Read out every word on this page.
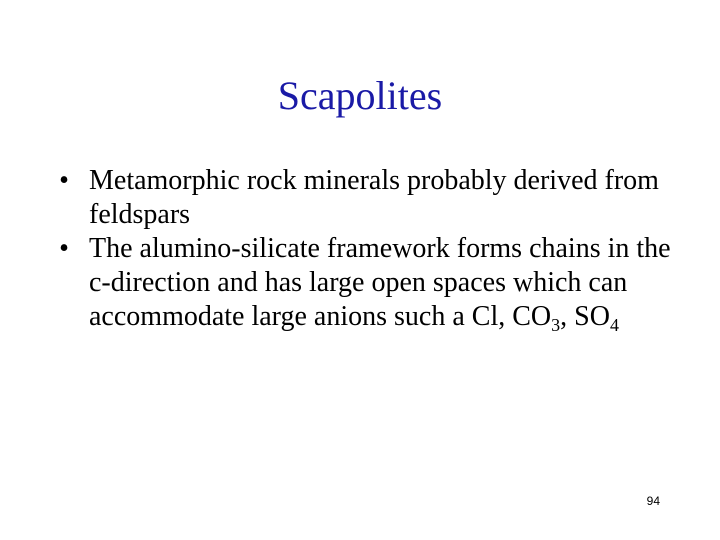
Scapolites
• Metamorphic rock minerals probably derived from feldspars
• The alumino-silicate framework forms chains in the c-direction and has large open spaces which can accommodate large anions such a Cl, $CO_3$, $SO_4$
94
